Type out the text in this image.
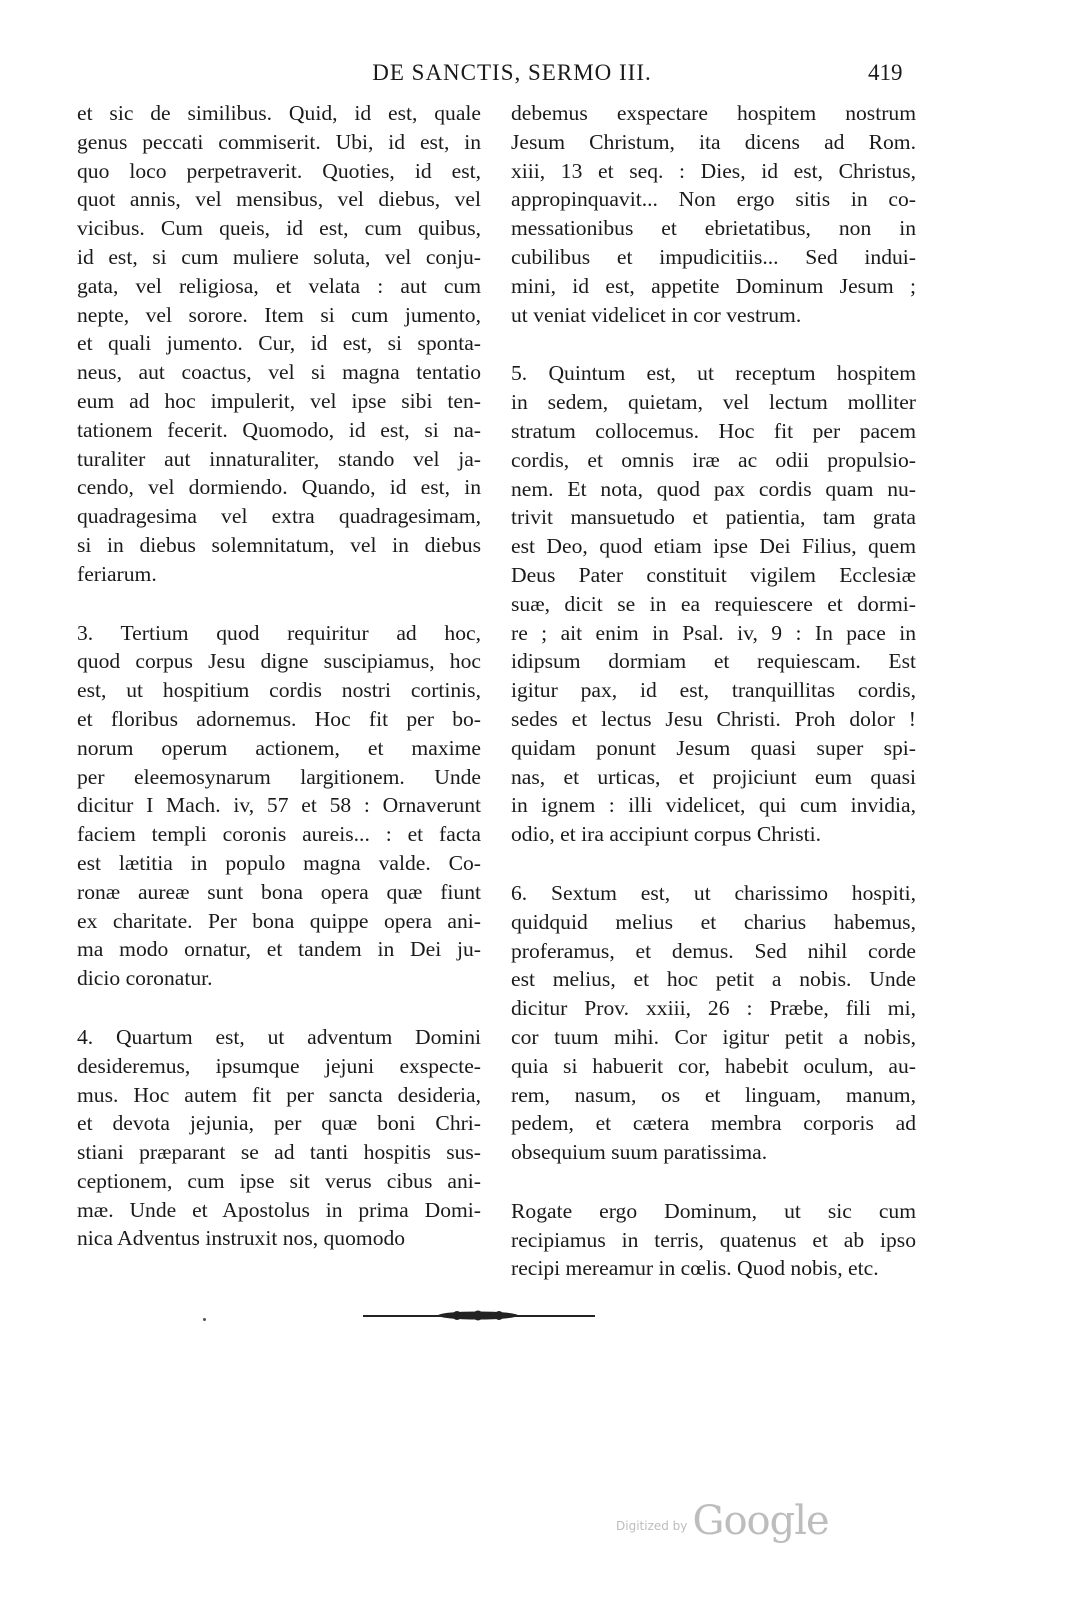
DE SANCTIS, SERMO III.	419
et sic de similibus. Quid, id est, quale
genus peccati commiserit. Ubi, id est, in
quo loco perpetraverit. Quoties, id est,
quot annis, vel mensibus, vel diebus, vel
vicibus. Cum queis, id est, cum quibus,
id est, si cum muliere soluta, vel conju-
gata, vel religiosa, et velata : aut cum
nepte, vel sorore. Item si cum jumento,
et quali jumento. Cur, id est, si sponta-
neus, aut coactus, vel si magna tentatio
eum ad hoc impulerit, vel ipse sibi ten-
tationem fecerit. Quomodo, id est, si na-
turaliter aut innaturaliter, stando vel ja-
cendo, vel dormiendo. Quando, id est, in
quadragesima vel extra quadragesimam,
si in diebus solemnitatum, vel in diebus
feriarum.
3. Tertium quod requiritur ad hoc,
quod corpus Jesu digne suscipiamus, hoc
est, ut hospitium cordis nostri cortinis,
et floribus adornemus. Hoc fit per bo-
norum operum actionem, et maxime
per eleemosynarum largitionem. Unde
dicitur I Mach. iv, 57 et 58 : Ornaverunt
faciem templi coronis aureis... : et facta
est lætitia in populo magna valde. Co-
ronæ aureæ sunt bona opera quæ fiunt
ex charitate. Per bona quippe opera ani-
ma modo ornatur, et tandem in Dei ju-
dicio coronatur.
4. Quartum est, ut adventum Domini
desideremus, ipsumque jejuni exspecte-
mus. Hoc autem fit per sancta desideria,
et devota jejunia, per quæ boni Chri-
stiani præparant se ad tanti hospitis sus-
ceptionem, cum ipse sit verus cibus ani-
mæ. Unde et Apostolus in prima Domi-
nica Adventus instruxit nos, quomodo
debemus exspectare hospitem nostrum
Jesum Christum, ita dicens ad Rom.
xiii, 13 et seq. : Dies, id est, Christus,
appropinquavit... Non ergo sitis in co-
messationibus et ebrietatibus, non in
cubilibus et impudicitiis... Sed indui-
mini, id est, appetite Dominum Jesum ;
ut veniat videlicet in cor vestrum.
5. Quintum est, ut receptum hospitem
in sedem, quietam, vel lectum molliter
stratum collocemus. Hoc fit per pacem
cordis, et omnis iræ ac odii propulsio-
nem. Et nota, quod pax cordis quam nu-
trivit mansuetudo et patientia, tam grata
est Deo, quod etiam ipse Dei Filius, quem
Deus Pater constituit vigilem Ecclesiæ
suæ, dicit se in ea requiescere et dormi-
re ; ait enim in Psal. iv, 9 : In pace in
idipsum dormiam et requiescam. Est
igitur pax, id est, tranquillitas cordis,
sedes et lectus Jesu Christi. Proh dolor !
quidam ponunt Jesum quasi super spi-
nas, et urticas, et projiciunt eum quasi
in ignem : illi videlicet, qui cum invidia,
odio, et ira accipiunt corpus Christi.
6. Sextum est, ut charissimo hospiti,
quidquid melius et charius habemus,
proferamus, et demus. Sed nihil corde
est melius, et hoc petit a nobis. Unde
dicitur Prov. xxiii, 26 : Præbe, fili mi,
cor tuum mihi. Cor igitur petit a nobis,
quia si habuerit cor, habebit oculum, au-
rem, nasum, os et linguam, manum,
pedem, et cætera membra corporis ad
obsequium suum paratissima.
Rogate ergo Dominum, ut sic cum
recipiamus in terris, quatenus et ab ipso
recipi mereamur in cœlis. Quod nobis, etc.
$^{Digitized by}$ Google
